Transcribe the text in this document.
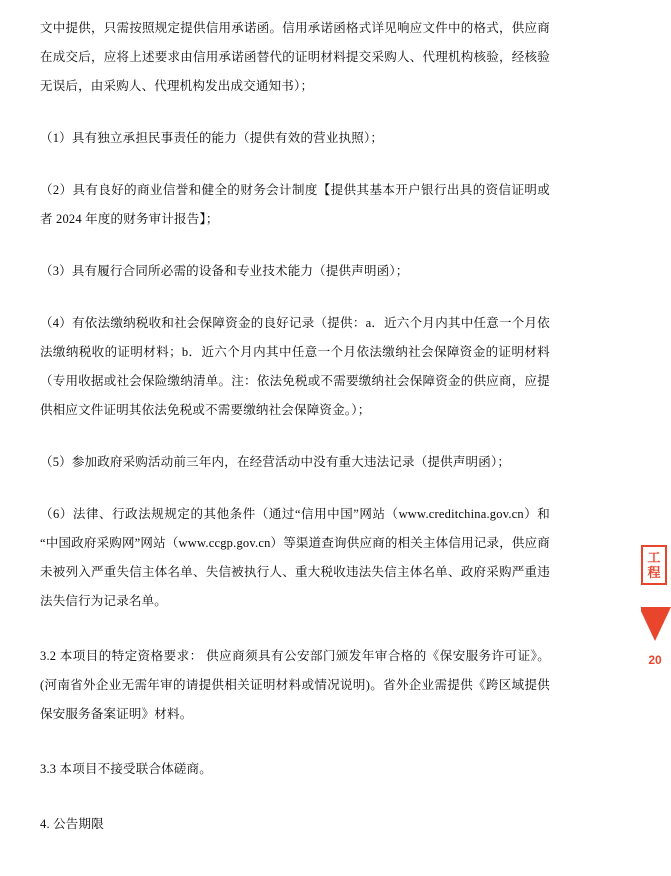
文中提供，只需按照规定提供信用承诺函。信用承诺函格式详见响应文件中的格式，供应商在成交后，应将上述要求由信用承诺函替代的证明材料提交采购人、代理机构核验，经核验无误后，由采购人、代理机构发出成交通知书）；

（1）具有独立承担民事责任的能力（提供有效的营业执照）；

（2）具有良好的商业信誉和健全的财务会计制度【提供其基本开户银行出具的资信证明或者 2024 年度的财务审计报告】；

（3）具有履行合同所必需的设备和专业技术能力（提供声明函）；

（4）有依法缴纳税收和社会保障资金的良好记录（提供：a．近六个月内其中任意一个月依法缴纳税收的证明材料；b．近六个月内其中任意一个月依法缴纳社会保障资金的证明材料（专用收据或社会保险缴纳清单。注：依法免税或不需要缴纳社会保障资金的供应商，应提供相应文件证明其依法免税或不需要缴纳社会保障资金。）；

（5）参加政府采购活动前三年内，在经营活动中没有重大违法记录（提供声明函）；

（6）法律、行政法规规定的其他条件（通过“信用中国”网站（www.creditchina.gov.cn）和 “中国政府采购网”网站（www.ccgp.gov.cn）等渠道查询供应商的相关主体信用记录，供应商未被列入严重失信主体名单、失信被执行人、重大税收违法失信主体名单、政府采购严重违法失信行为记录名单。

3.2 本项目的特定资格要求： 供应商须具有公安部门颁发年审合格的《保安服务许可证》。(河南省外企业无需年审的请提供相关证明材料或情况说明)。省外企业需提供《跨区域提供保安服务备案证明》材料。

3.3 本项目不接受联合体磋商。

4. 公告期限

工程
20
